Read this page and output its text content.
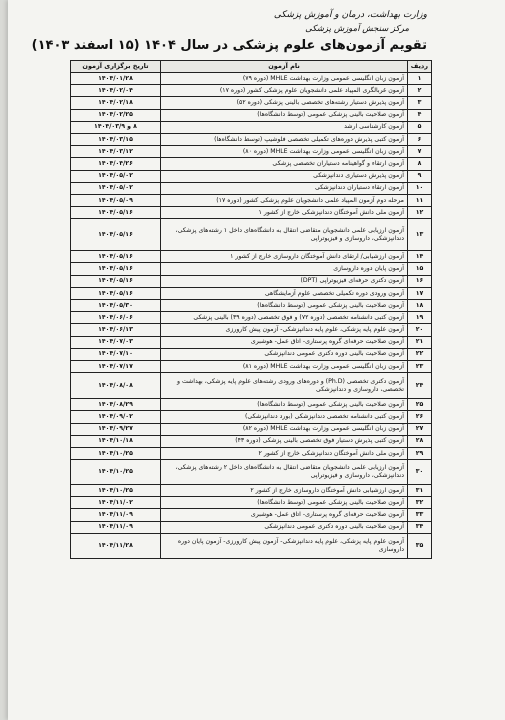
وزارت بهداشت، درمان و آموزش پزشکی
مرکز سنجش آموزش پزشکی
تقویم آزمون‌های علوم پزشکی در سال ۱۴۰۴ (۱۵ اسفند ۱۴۰۳)
ردیف	نام آزمون	تاریخ برگزاری آزمون
۱	آزمون زبان انگلیسی عمومی وزارت بهداشت MHLE (دوره ۷۹)	۱۴۰۴/۰۱/۲۸
۲	آزمون غربالگری المپیاد علمی دانشجویان علوم پزشکی کشور (دوره ۱۷)	۱۴۰۴/۰۲/۰۴
۳	آزمون پذیرش دستیار رشته‌های تخصصی بالینی پزشکی (دوره ۵۲)	۱۴۰۴/۰۲/۱۸
۴	آزمون صلاحیت بالینی پزشکی عمومی (توسط دانشگاه‌ها)	۱۴۰۴/۰۲/۲۵
۵	آزمون کارشناسی ارشد	۸ و ۱۴۰۴/۰۳/۹
۶	آزمون کتبی پذیرش دوره‌های تکمیلی تخصصی فلوشیپ (توسط دانشگاه‌ها)	۱۴۰۴/۰۳/۱۵
۷	آزمون زبان انگلیسی عمومی وزارت بهداشت MHLE (دوره ۸۰)	۱۴۰۴/۰۳/۱۲
۸	آزمون ارتقاء و گواهینامه دستیاران تخصصی پزشکی	۱۴۰۴/۰۴/۲۶
۹	آزمون پذیرش دستیاری دندانپزشکی	۱۴۰۴/۰۵/۰۲
۱۰	آزمون ارتقاء دستیاران دندانپزشکی	۱۴۰۴/۰۵/۰۲
۱۱	مرحله دوم آزمون المپیاد علمی دانشجویان علوم پزشکی کشور (دوره ۱۷)	۱۴۰۴/۰۵/۰۹
۱۲	آزمون ملی دانش آموختگان دندانپزشکی خارج از کشور ۱	۱۴۰۴/۰۵/۱۶
۱۳	آزمون ارزیابی علمی دانشجویان متقاضی انتقال به دانشگاه‌های داخل ۱ رشته‌های پزشکی، دندانپزشکی، داروسازی و فیزیوتراپی	۱۴۰۴/۰۵/۱۶
۱۴	آزمون ارزشیابی/ ارتقای دانش آموختگان داروسازی خارج از کشور ۱	۱۴۰۴/۰۵/۱۶
۱۵	آزمون پایان دوره داروسازی	۱۴۰۴/۰۵/۱۶
۱۶	آزمون دکتری حرفه‌ای فیزیوتراپی (DPT)	۱۴۰۴/۰۵/۱۶
۱۷	آزمون ورودی دوره تکمیلی تخصصی علوم آزمایشگاهی	۱۴۰۴/۰۵/۱۶
۱۸	آزمون صلاحیت بالینی پزشکی عمومی (توسط دانشگاه‌ها)	۱۴۰۴/۰۵/۳۰
۱۹	آزمون کتبی دانشنامه تخصصی (دوره ۷۲) و فوق تخصصی (دوره ۳۹) بالینی پزشکی	۱۴۰۴/۰۶/۰۶
۲۰	آزمون علوم پایه پزشکی، علوم پایه دندانپزشکی- آزمون پیش کارورزی	۱۴۰۴/۰۶/۱۳
۲۱	آزمون صلاحیت حرفه‌ای گروه پرستاری- اتاق عمل- هوشبری	۱۴۰۴/۰۷/۰۳
۲۲	آزمون صلاحیت بالینی دوره دکتری عمومی دندانپزشکی	۱۴۰۴/۰۷/۱۰
۲۳	آزمون زبان انگلیسی عمومی وزارت بهداشت MHLE (دوره ۸۱)	۱۴۰۴/۰۷/۱۷
۲۴	آزمون دکتری تخصصی (Ph.D) و دوره‌های ورودی رشته‌های علوم پایه پزشکی، بهداشت و تخصصی، داروسازی و دندانپزشکی	۱۴۰۴/۰۸/۰۸
۲۵	آزمون صلاحیت بالینی پزشکی عمومی (توسط دانشگاه‌ها)	۱۴۰۴/۰۸/۲۹
۲۶	آزمون کتبی دانشنامه تخصصی دندانپزشکی (بورد دندانپزشکی)	۱۴۰۴/۰۹/۰۲
۲۷	آزمون زبان انگلیسی عمومی وزارت بهداشت MHLE (دوره ۸۲)	۱۴۰۴/۰۹/۲۷
۲۸	آزمون کتبی پذیرش دستیار فوق تخصصی بالینی پزشکی (دوره ۴۳)	۱۴۰۴/۱۰/۱۸
۲۹	آزمون ملی دانش آموختگان دندانپزشکی خارج از کشور ۲	۱۴۰۴/۱۰/۲۵
۳۰	آزمون ارزیابی علمی دانشجویان متقاضی انتقال به دانشگاه‌های داخل ۲ رشته‌های پزشکی، دندانپزشکی، داروسازی و فیزیوتراپی	۱۴۰۴/۱۰/۲۵
۳۱	آزمون ارزشیابی دانش آموختگان داروسازی خارج از کشور ۲	۱۴۰۴/۱۰/۲۵
۳۲	آزمون صلاحیت بالینی پزشکی عمومی (توسط دانشگاه‌ها)	۱۴۰۴/۱۱/۰۲
۳۳	آزمون صلاحیت حرفه‌ای گروه پرستاری- اتاق عمل- هوشبری	۱۴۰۴/۱۱/۰۹
۳۴	آزمون صلاحیت بالینی دوره دکتری عمومی دندانپزشکی	۱۴۰۴/۱۱/۰۹
۳۵	آزمون علوم پایه پزشکی، علوم پایه دندانپزشکی- آزمون پیش کارورزی- آزمون پایان دوره داروسازی	۱۴۰۴/۱۱/۲۸
